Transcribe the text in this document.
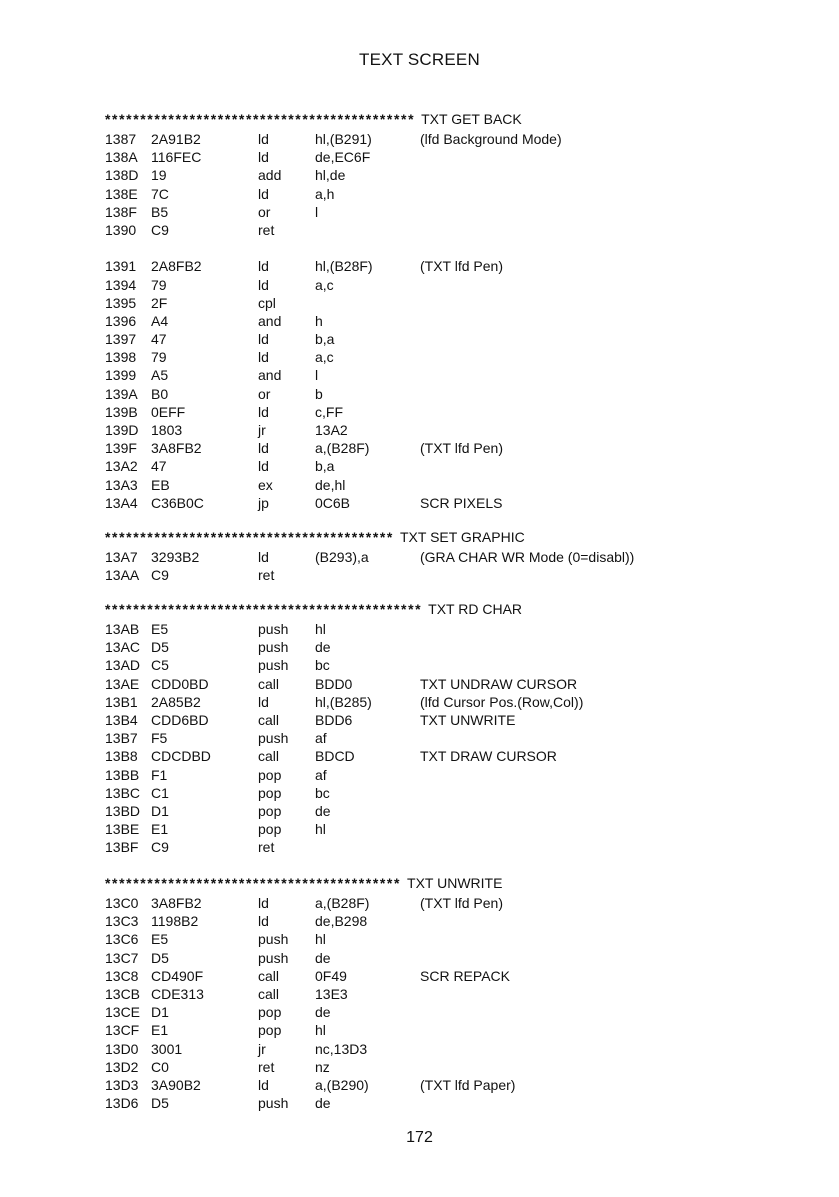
TEXT SCREEN
******************************************** TXT GET BACK
1387 2A91B2	ld	hl,(B291)	(lfd Background Mode)
138A 116FEC	ld	de,EC6F
138D 19	add hl,de
138E 7C	ld	a,h
138F B5	or	l
1390 C9	ret
1391 2A8FB2	ld	hl,(B28F)	(TXT lfd Pen)
1394 79	ld	a,c
1395 2F	cpl
1396 A4	and h
1397 47	ld	b,a
1398 79	ld	a,c
1399 A5	and l
139A B0	or	b
139B 0EFF	ld	c,FF
139D 1803	jr	13A2
139F 3A8FB2	ld	a,(B28F)	(TXT lfd Pen)
13A2 47	ld	b,a
13A3 EB	ex	de,hl
13A4 C36B0C	jp	0C6B	SCR PIXELS
***************************************** TXT SET GRAPHIC
13A7 3293B2	ld	(B293),a	(GRA CHAR WR Mode (0=disabl))
13AA C9	ret
********************************************* TXT RD CHAR
13AB E5	push hl
13AC D5	push de
13AD C5	push bc
13AE CDD0BD	call	BDD0	TXT UNDRAW CURSOR
13B1 2A85B2	ld	hl,(B285)	(lfd Cursor Pos.(Row,Col))
13B4 CDD6BD	call	BDD6	TXT UNWRITE
13B7 F5	push af
13B8 CDCDBD	call	BDCD	TXT DRAW CURSOR
13BB F1	pop af
13BC C1	pop bc
13BD D1	pop de
13BE E1	pop hl
13BF C9	ret
****************************************** TXT UNWRITE
13C0 3A8FB2	ld	a,(B28F)	(TXT lfd Pen)
13C3 1198B2	ld	de,B298
13C6 E5	push hl
13C7 D5	push de
13C8 CD490F	call	0F49	SCR REPACK
13CB CDE313	call	13E3
13CE D1	pop de
13CF E1	pop hl
13D0 3001	jr	nc,13D3
13D2 C0	ret	nz
13D3 3A90B2	ld	a,(B290)	(TXT lfd Paper)
13D6 D5	push de
172
